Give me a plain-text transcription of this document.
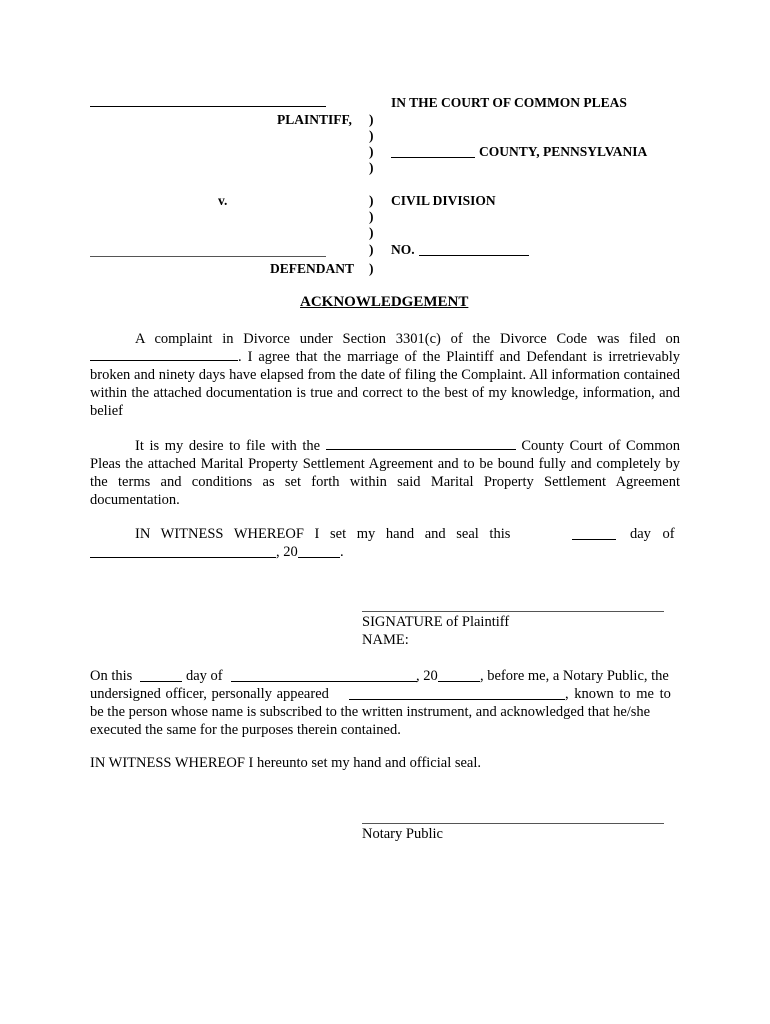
IN THE COURT OF COMMON PLEAS
PLAINTIFF, )
)
)	COUNTY, PENNSYLVANIA
)
v.	) CIVIL DIVISION
)
)
) NO.
DEFENDANT )
ACKNOWLEDGEMENT
A complaint in Divorce under Section 3301(c) of the Divorce Code was filed on
. I agree that the marriage of the Plaintiff and Defendant is irretrievably broken and ninety days have elapsed from the date of filing the Complaint. All information contained within the attached documentation is true and correct to the best of my knowledge, information, and belief
It is my desire to file with the	County Court of Common Pleas the attached Marital Property Settlement Agreement and to be bound fully and completely by the terms and conditions as set forth within said Marital Property Settlement Agreement documentation.
IN WITNESS WHEREOF I set my hand and seal this	day of
, 20	.
SIGNATURE of Plaintiff
NAME:
On this	day of	, 20	, before me, a Notary Public, the
undersigned officer, personally appeared	, known to me to
be the person whose name is subscribed to the written instrument, and acknowledged that he/she
executed the same for the purposes therein contained.
IN WITNESS WHEREOF I hereunto set my hand and official seal.
Notary Public
